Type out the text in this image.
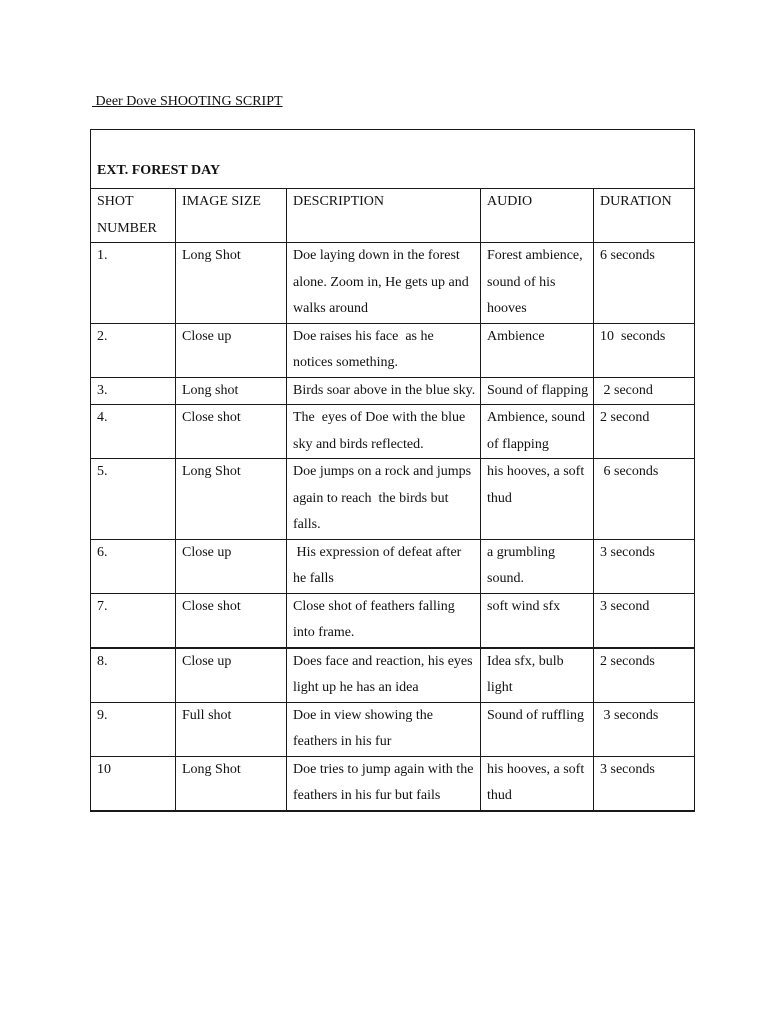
Deer Dove SHOOTING SCRIPT
EXT. FOREST DAY				
SHOT
NUMBER	IMAGE SIZE	DESCRIPTION	AUDIO	DURATION
1.	Long Shot	Doe laying down in the forest alone. Zoom in, He gets up and walks around	Forest ambience, sound of his hooves	6 seconds
2.	Close up	Doe raises his face  as he notices something.	Ambience	10  seconds
3.	Long shot	Birds soar above in the blue sky.	Sound of flapping	2 second
4.	Close shot	The  eyes of Doe with the blue sky and birds reflected.	Ambience, sound of flapping	2 second
5.	Long Shot	Doe jumps on a rock and jumps again to reach  the birds but falls.	his hooves, a soft thud	6 seconds
6.	Close up	His expression of defeat after he falls	a grumbling sound.	3 seconds
7.	Close shot	Close shot of feathers falling into frame.	soft wind sfx	3 second
8.	Close up	Does face and reaction, his eyes light up he has an idea	Idea sfx, bulb light	2 seconds
9.	Full shot	Doe in view showing the feathers in his fur	Sound of ruffling	3 seconds
10	Long Shot	Doe tries to jump again with the feathers in his fur but fails	his hooves, a soft thud	3 seconds
